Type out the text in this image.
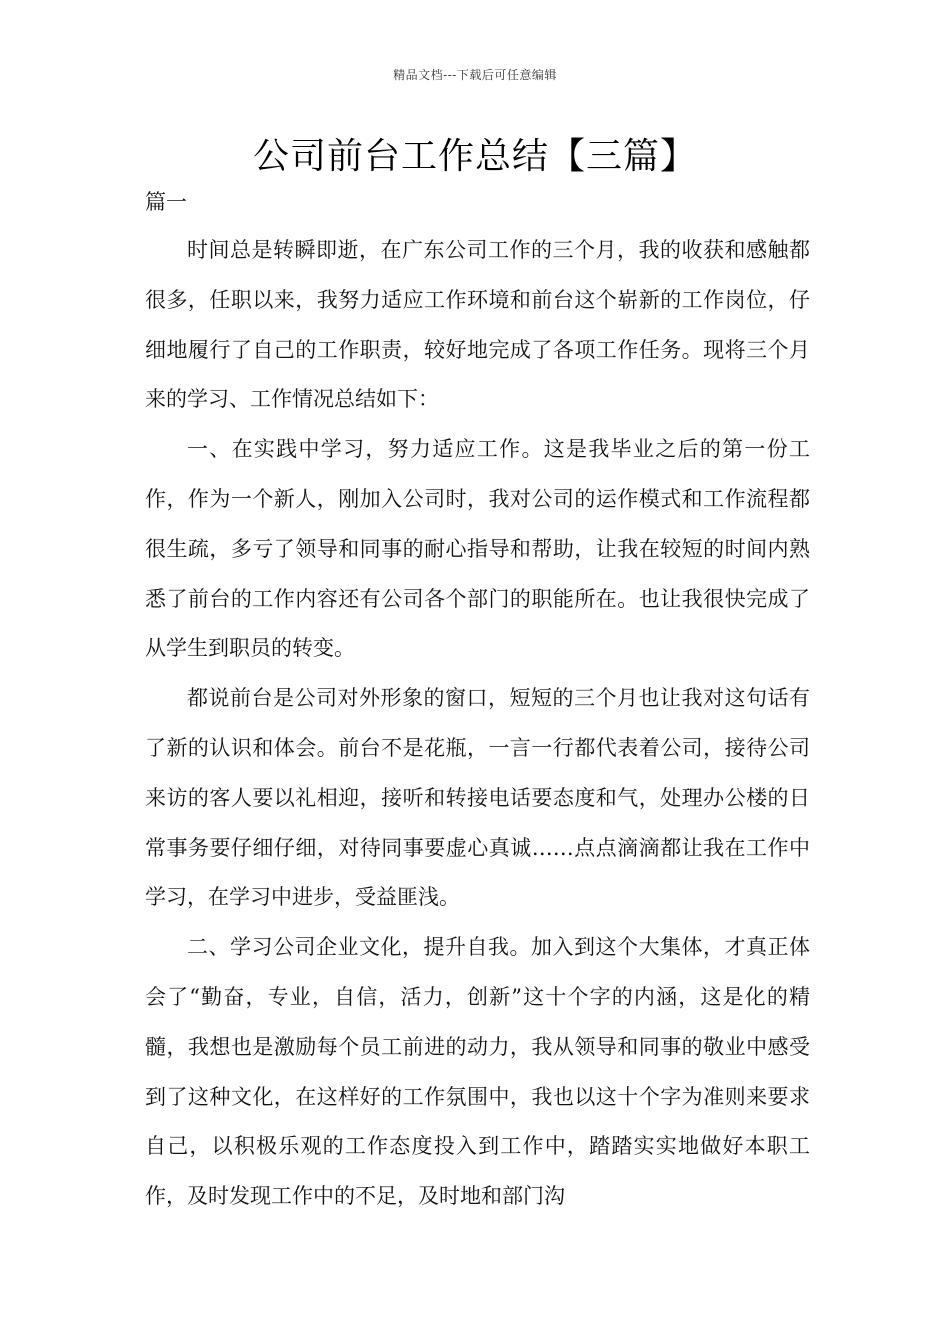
精品文档---下载后可任意编辑
公司前台工作总结【三篇】
篇一

时间总是转瞬即逝，在广东公司工作的三个月，我的收获和感触都很多，任职以来，我努力适应工作环境和前台这个崭新的工作岗位，仔细地履行了自己的工作职责，较好地完成了各项工作任务。现将三个月来的学习、工作情况总结如下：

一、在实践中学习，努力适应工作。这是我毕业之后的第一份工作，作为一个新人，刚加入公司时，我对公司的运作模式和工作流程都很生疏，多亏了领导和同事的耐心指导和帮助，让我在较短的时间内熟悉了前台的工作内容还有公司各个部门的职能所在。也让我很快完成了从学生到职员的转变。

都说前台是公司对外形象的窗口，短短的三个月也让我对这句话有了新的认识和体会。前台不是花瓶，一言一行都代表着公司，接待公司来访的客人要以礼相迎，接听和转接电话要态度和气，处理办公楼的日常事务要仔细仔细，对待同事要虚心真诚……点点滴滴都让我在工作中学习，在学习中进步，受益匪浅。

二、学习公司企业文化，提升自我。加入到这个大集体，才真正体会了“勤奋，专业，自信，活力，创新”这十个字的内涵，这是化的精髓，我想也是激励每个员工前进的动力，我从领导和同事的敬业中感受到了这种文化，在这样好的工作氛围中，我也以这十个字为准则来要求自己，以积极乐观的工作态度投入到工作中，踏踏实实地做好本职工作，及时发现工作中的不足，及时地和部门沟
